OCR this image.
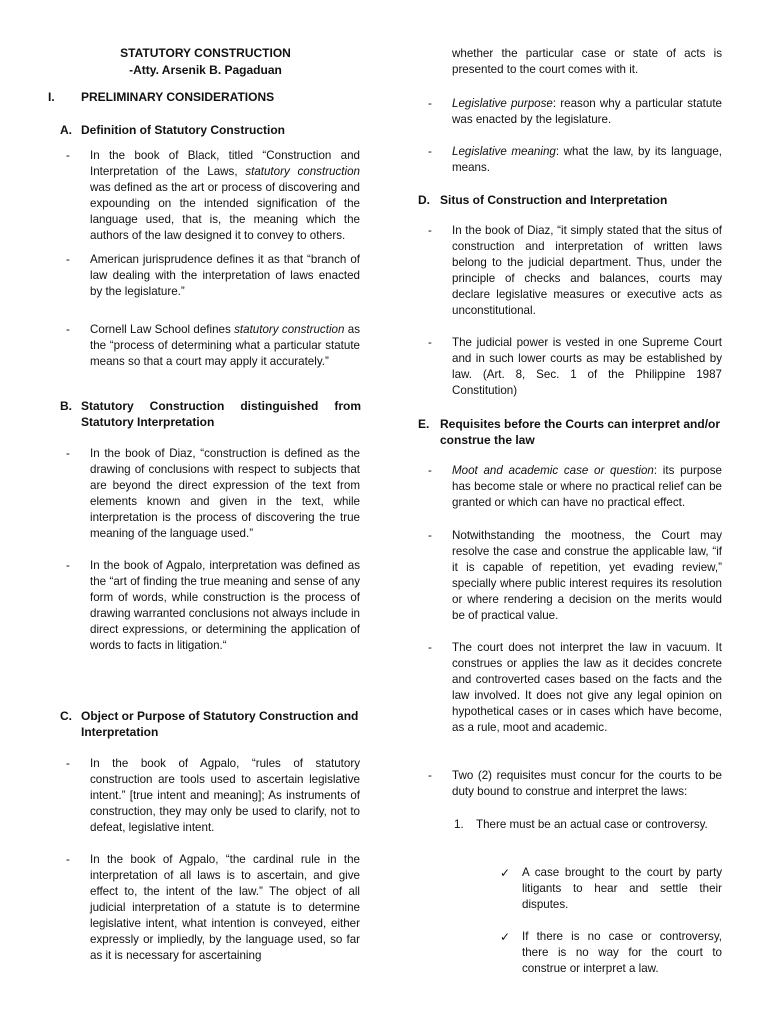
STATUTORY CONSTRUCTION
-Atty. Arsenik B. Pagaduan
I. PRELIMINARY CONSIDERATIONS
A. Definition of Statutory Construction
- In the book of Black, titled “Construction and Interpretation of the Laws, statutory construction was defined as the art or process of discovering and expounding on the intended signification of the language used, that is, the meaning which the authors of the law designed it to convey to others.
- American jurisprudence defines it as that “branch of law dealing with the interpretation of laws enacted by the legislature.”
- Cornell Law School defines statutory construction as the “process of determining what a particular statute means so that a court may apply it accurately.”
B. Statutory Construction distinguished from Statutory Interpretation
- In the book of Diaz, “construction is defined as the drawing of conclusions with respect to subjects that are beyond the direct expression of the text from elements known and given in the text, while interpretation is the process of discovering the true meaning of the language used.”
- In the book of Agpalo, interpretation was defined as the “art of finding the true meaning and sense of any form of words, while construction is the process of drawing warranted conclusions not always include in direct expressions, or determining the application of words to facts in litigation.“
C. Object or Purpose of Statutory Construction and Interpretation
- In the book of Agpalo, “rules of statutory construction are tools used to ascertain legislative intent.” [true intent and meaning]; As instruments of construction, they may only be used to clarify, not to defeat, legislative intent.
- In the book of Agpalo, “the cardinal rule in the interpretation of all laws is to ascertain, and give effect to, the intent of the law.” The object of all judicial interpretation of a statute is to determine legislative intent, what intention is conveyed, either expressly or impliedly, by the language used, so far as it is necessary for ascertaining
whether the particular case or state of acts is presented to the court comes with it.
- Legislative purpose: reason why a particular statute was enacted by the legislature.
- Legislative meaning: what the law, by its language, means.
D. Situs of Construction and Interpretation
- In the book of Diaz, “it simply stated that the situs of construction and interpretation of written laws belong to the judicial department. Thus, under the principle of checks and balances, courts may declare legislative measures or executive acts as unconstitutional.
- The judicial power is vested in one Supreme Court and in such lower courts as may be established by law. (Art. 8, Sec. 1 of the Philippine 1987 Constitution)
E. Requisites before the Courts can interpret and/or construe the law
- Moot and academic case or question: its purpose has become stale or where no practical relief can be granted or which can have no practical effect.
- Notwithstanding the mootness, the Court may resolve the case and construe the applicable law, “if it is capable of repetition, yet evading review,” specially where public interest requires its resolution or where rendering a decision on the merits would be of practical value.
- The court does not interpret the law in vacuum. It construes or applies the law as it decides concrete and controverted cases based on the facts and the law involved. It does not give any legal opinion on hypothetical cases or in cases which have become, as a rule, moot and academic.
- Two (2) requisites must concur for the courts to be duty bound to construe and interpret the laws:
1. There must be an actual case or controversy.
✓ A case brought to the court by party litigants to hear and settle their disputes.
✓ If there is no case or controversy, there is no way for the court to construe or interpret a law.
